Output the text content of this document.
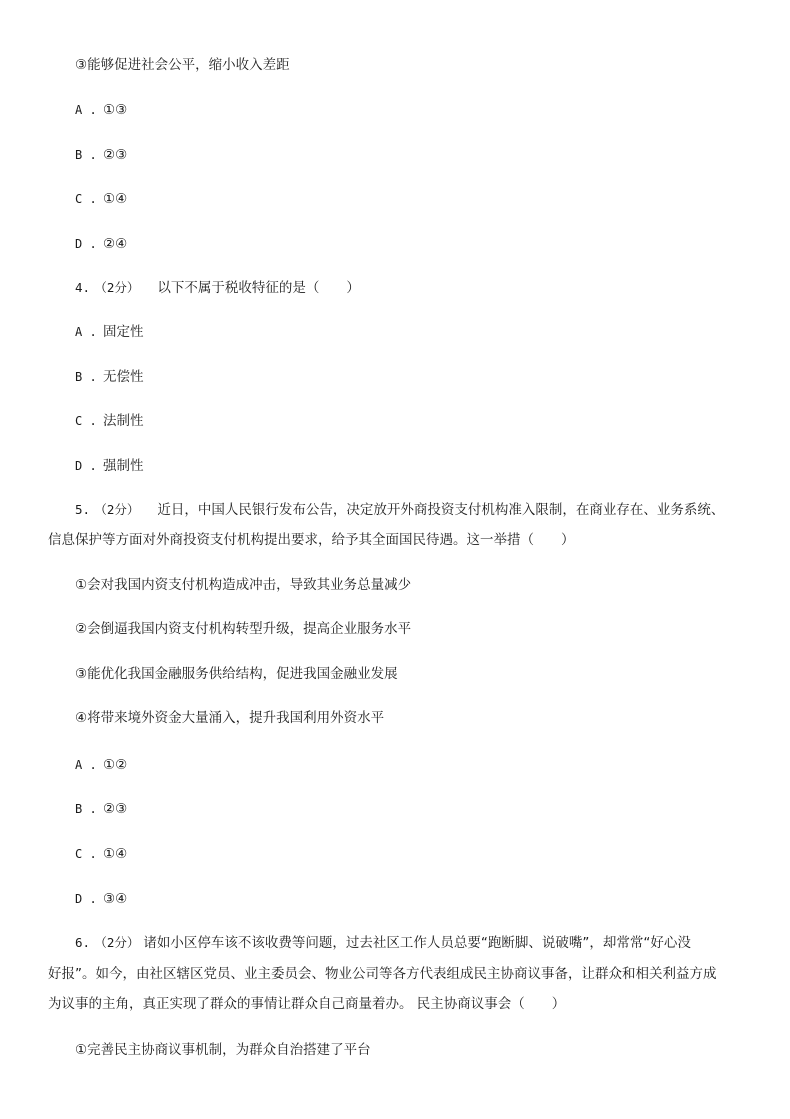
③能够促进社会公平，缩小收入差距
A . ①③
B . ②③
C . ①④
D . ②④
4. （2分） 以下不属于税收特征的是（　　）
A . 固定性
B . 无偿性
C . 法制性
D . 强制性
5. （2分） 近日，中国人民银行发布公告，决定放开外商投资支付机构准入限制，在商业存在、业务系统、
信息保护等方面对外商投资支付机构提出要求，给予其全面国民待遇。这一举措（　　）
①会对我国内资支付机构造成冲击，导致其业务总量减少
②会倒逼我国内资支付机构转型升级，提高企业服务水平
③能优化我国金融服务供给结构，促进我国金融业发展
④将带来境外资金大量涌入，提升我国利用外资水平
A . ①②
B . ②③
C . ①④
D . ③④
6. （2分） 诸如小区停车该不该收费等问题，过去社区工作人员总要“跑断脚、说破嘴”，却常常“好心没
好报”。如今，由社区辖区党员、业主委员会、物业公司等各方代表组成民主协商议事备，让群众和相关利益方成
为议事的主角，真正实现了群众的事情让群众自己商量着办。 民主协商议事会（　　）
①完善民主协商议事机制，为群众自治搭建了平台
